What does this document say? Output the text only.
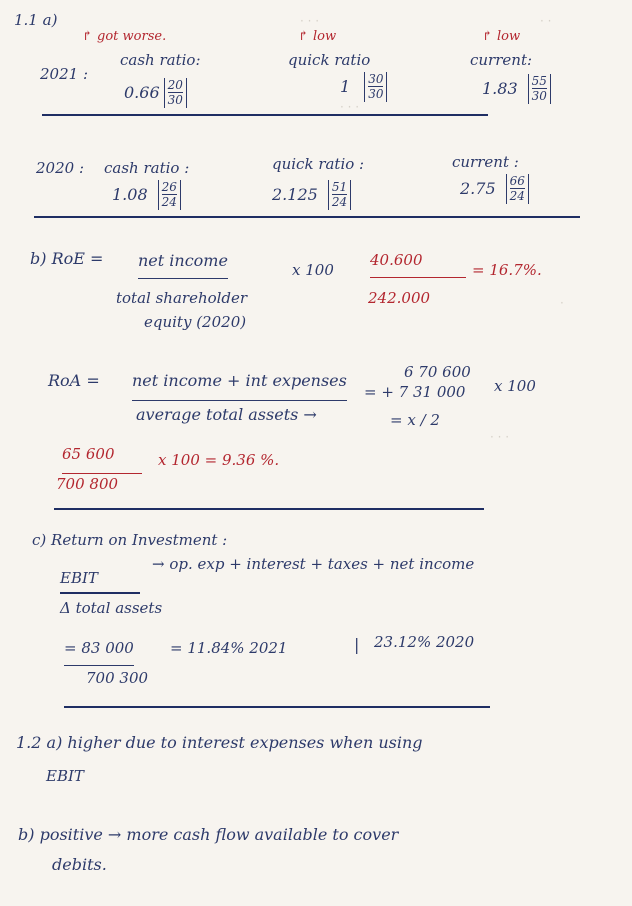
· · ·	· ·
· · ·
·
· · ·
1.1 a)
↱ got worse.	↱ low	↱ low
2021 :
cash ratio:	quick ratio	current:
$0.66 \frac{20}{30}$	$1 \frac{30}{30}$	$1.83 \frac{55}{30}$
2020 : cash ratio :	quick ratio :	current :
$1.08 \frac{26}{24}$	$2.125 \frac{51}{24}$	$2.75 \frac{66}{24}$
b) RoE = net income	x 100
40.600
= 16.7%.
total shareholder
equity (2020)
242.000
RoA = net income + int expenses
average total assets →
6 70 600
= + 7 31 000
= x / 2
x 100
65 600
700 800
x 100 = 9.36 %.
c) Return on Investment :
EBIT
→ op. exp + interest + taxes + net income
Δ total assets
= 83 000
700 300
= 11.84% 2021	| 23.12% 2020
1.2 a) higher due to interest expenses when using
EBIT
b) positive → more cash flow available to cover
debits.
